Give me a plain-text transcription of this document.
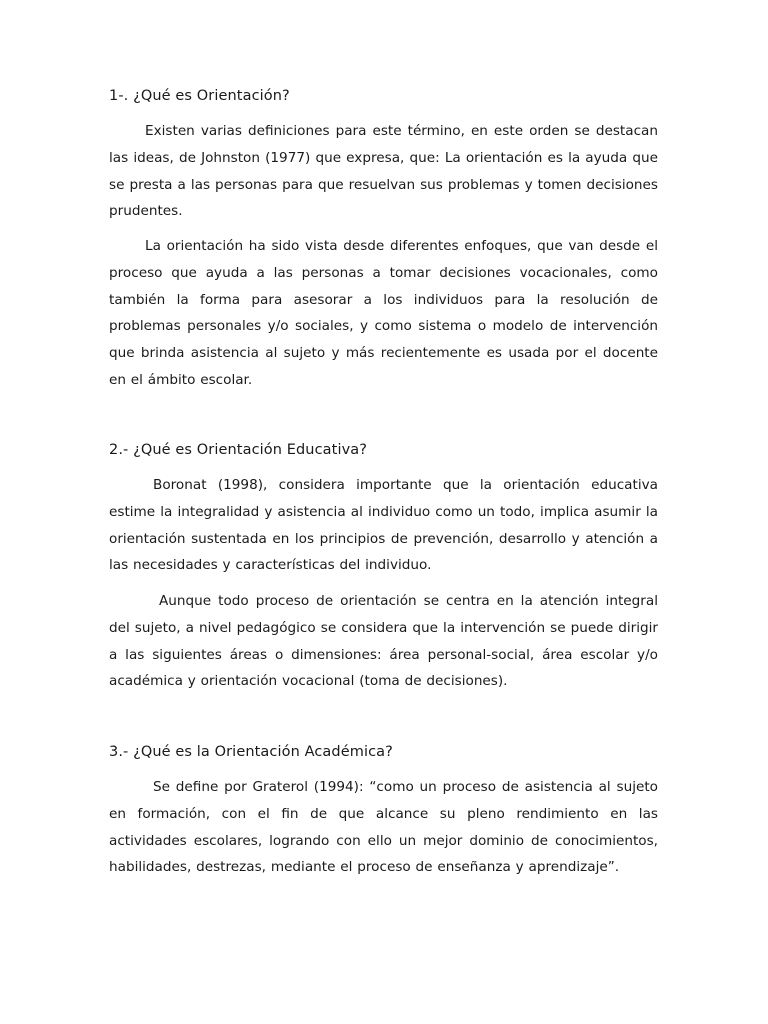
1-. ¿Qué es Orientación?

Existen varias definiciones para este término, en este orden se destacan las ideas, de Johnston (1977) que expresa, que: La orientación es la ayuda que se presta a las personas para que resuelvan sus problemas y tomen decisiones prudentes.

La orientación ha sido vista desde diferentes enfoques, que van desde el proceso que ayuda a las personas a tomar decisiones vocacionales, como también la forma para asesorar a los individuos para la resolución de problemas personales y/o sociales, y como sistema o modelo de intervención que brinda asistencia al sujeto y más recientemente es usada por el docente en el ámbito escolar.

2.- ¿Qué es Orientación Educativa?

Boronat (1998), considera importante que la orientación educativa estime la integralidad y asistencia al individuo como un todo, implica asumir la orientación sustentada en los principios de prevención, desarrollo y atención a las necesidades y características del individuo.

Aunque todo proceso de orientación se centra en la atención integral del sujeto, a nivel pedagógico se considera que la intervención se puede dirigir a las siguientes áreas o dimensiones: área personal-social, área escolar y/o académica y orientación vocacional (toma de decisiones).

3.- ¿Qué es la Orientación Académica?

Se define por Graterol (1994): “como un proceso de asistencia al sujeto en formación, con el fin de que alcance su pleno rendimiento en las actividades escolares, logrando con ello un mejor dominio de conocimientos, habilidades, destrezas, mediante el proceso de enseñanza y aprendizaje”.
